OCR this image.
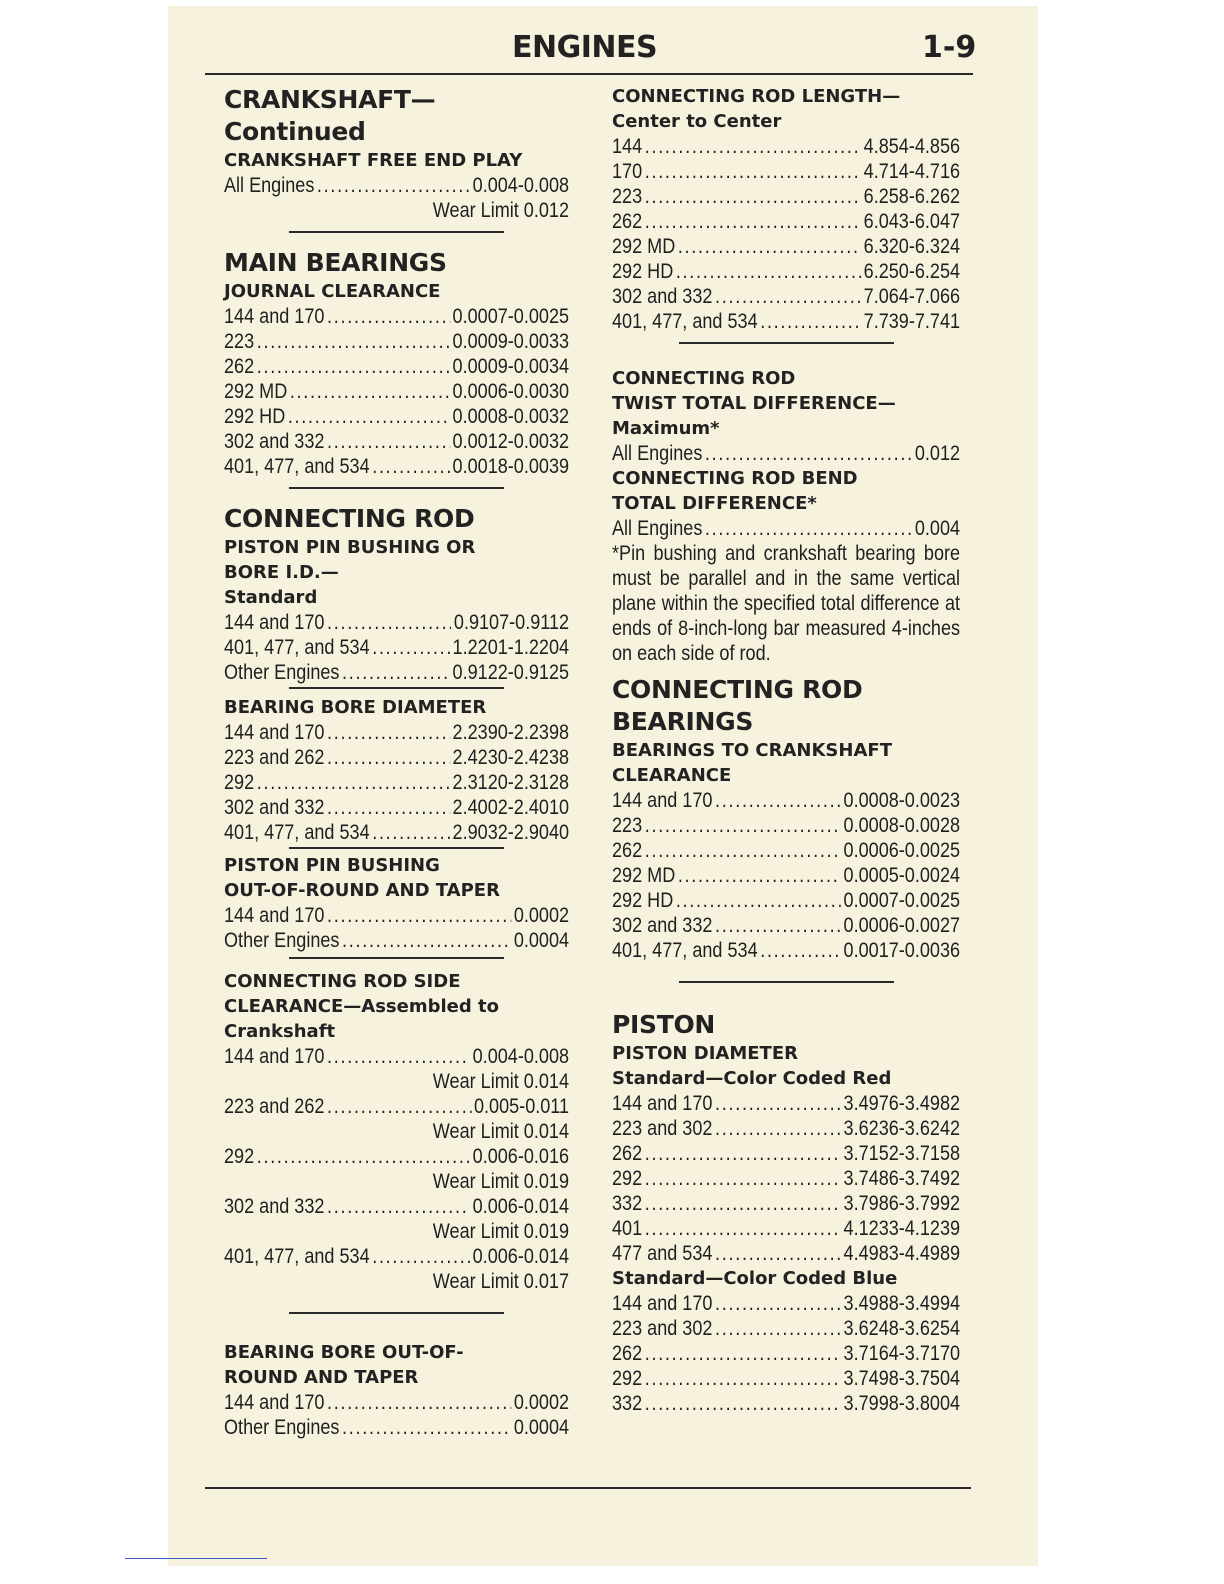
ENGINES	1-9
CRANKSHAFT—
Continued
CRANKSHAFT FREE END PLAY
All Engines .....	0.004-0.008
Wear Limit 0.012
MAIN BEARINGS
JOURNAL CLEARANCE
144 and 170 .....	0.0007-0.0025
223 .....	0.0009-0.0033
262 .....	0.0009-0.0034
292 MD .....	0.0006-0.0030
292 HD .....	0.0008-0.0032
302 and 332 .....	0.0012-0.0032
401, 477, and 534 .....	0.0018-0.0039
CONNECTING ROD
PISTON PIN BUSHING OR
BORE I.D.—
Standard
144 and 170 .....	0.9107-0.9112
401, 477, and 534 .....	1.2201-1.2204
Other Engines .....	0.9122-0.9125
BEARING BORE DIAMETER
144 and 170 .....	2.2390-2.2398
223 and 262 .....	2.4230-2.4238
292 .....	2.3120-2.3128
302 and 332 .....	2.4002-2.4010
401, 477, and 534 .....	2.9032-2.9040
PISTON PIN BUSHING
OUT-OF-ROUND AND TAPER
144 and 170 .....	0.0002
Other Engines .....	0.0004
CONNECTING ROD SIDE
CLEARANCE—Assembled to
Crankshaft
144 and 170 .....	0.004-0.008
Wear Limit 0.014
223 and 262 .....	0.005-0.011
Wear Limit 0.014
292 .....	0.006-0.016
Wear Limit 0.019
302 and 332 .....	0.006-0.014
Wear Limit 0.019
401, 477, and 534 .....	0.006-0.014
Wear Limit 0.017
BEARING BORE OUT-OF-
ROUND AND TAPER
144 and 170 .....	0.0002
Other Engines .....	0.0004
CONNECTING ROD LENGTH—
Center to Center
144 .....	4.854-4.856
170 .....	4.714-4.716
223 .....	6.258-6.262
262 .....	6.043-6.047
292 MD .....	6.320-6.324
292 HD .....	6.250-6.254
302 and 332 .....	7.064-7.066
401, 477, and 534 .....	7.739-7.741
CONNECTING ROD
TWIST TOTAL DIFFERENCE—
Maximum*
All Engines .....	0.012
CONNECTING ROD BEND
TOTAL DIFFERENCE*
All Engines .....	0.004
*Pin bushing and crankshaft bearing bore must be parallel and in the same vertical plane within the specified total difference at ends of 8-inch-long bar measured 4-inches on each side of rod.
CONNECTING ROD
BEARINGS
BEARINGS TO CRANKSHAFT
CLEARANCE
144 and 170 .....	0.0008-0.0023
223 .....	0.0008-0.0028
262 .....	0.0006-0.0025
292 MD .....	0.0005-0.0024
292 HD .....	0.0007-0.0025
302 and 332 .....	0.0006-0.0027
401, 477, and 534 .....	0.0017-0.0036
PISTON
PISTON DIAMETER
Standard—Color Coded Red
144 and 170 .....	3.4976-3.4982
223 and 302 .....	3.6236-3.6242
262 .....	3.7152-3.7158
292 .....	3.7486-3.7492
332 .....	3.7986-3.7992
401 .....	4.1233-4.1239
477 and 534 .....	4.4983-4.4989
Standard—Color Coded Blue
144 and 170 .....	3.4988-3.4994
223 and 302 .....	3.6248-3.6254
262 .....	3.7164-3.7170
292 .....	3.7498-3.7504
332 .....	3.7998-3.8004
